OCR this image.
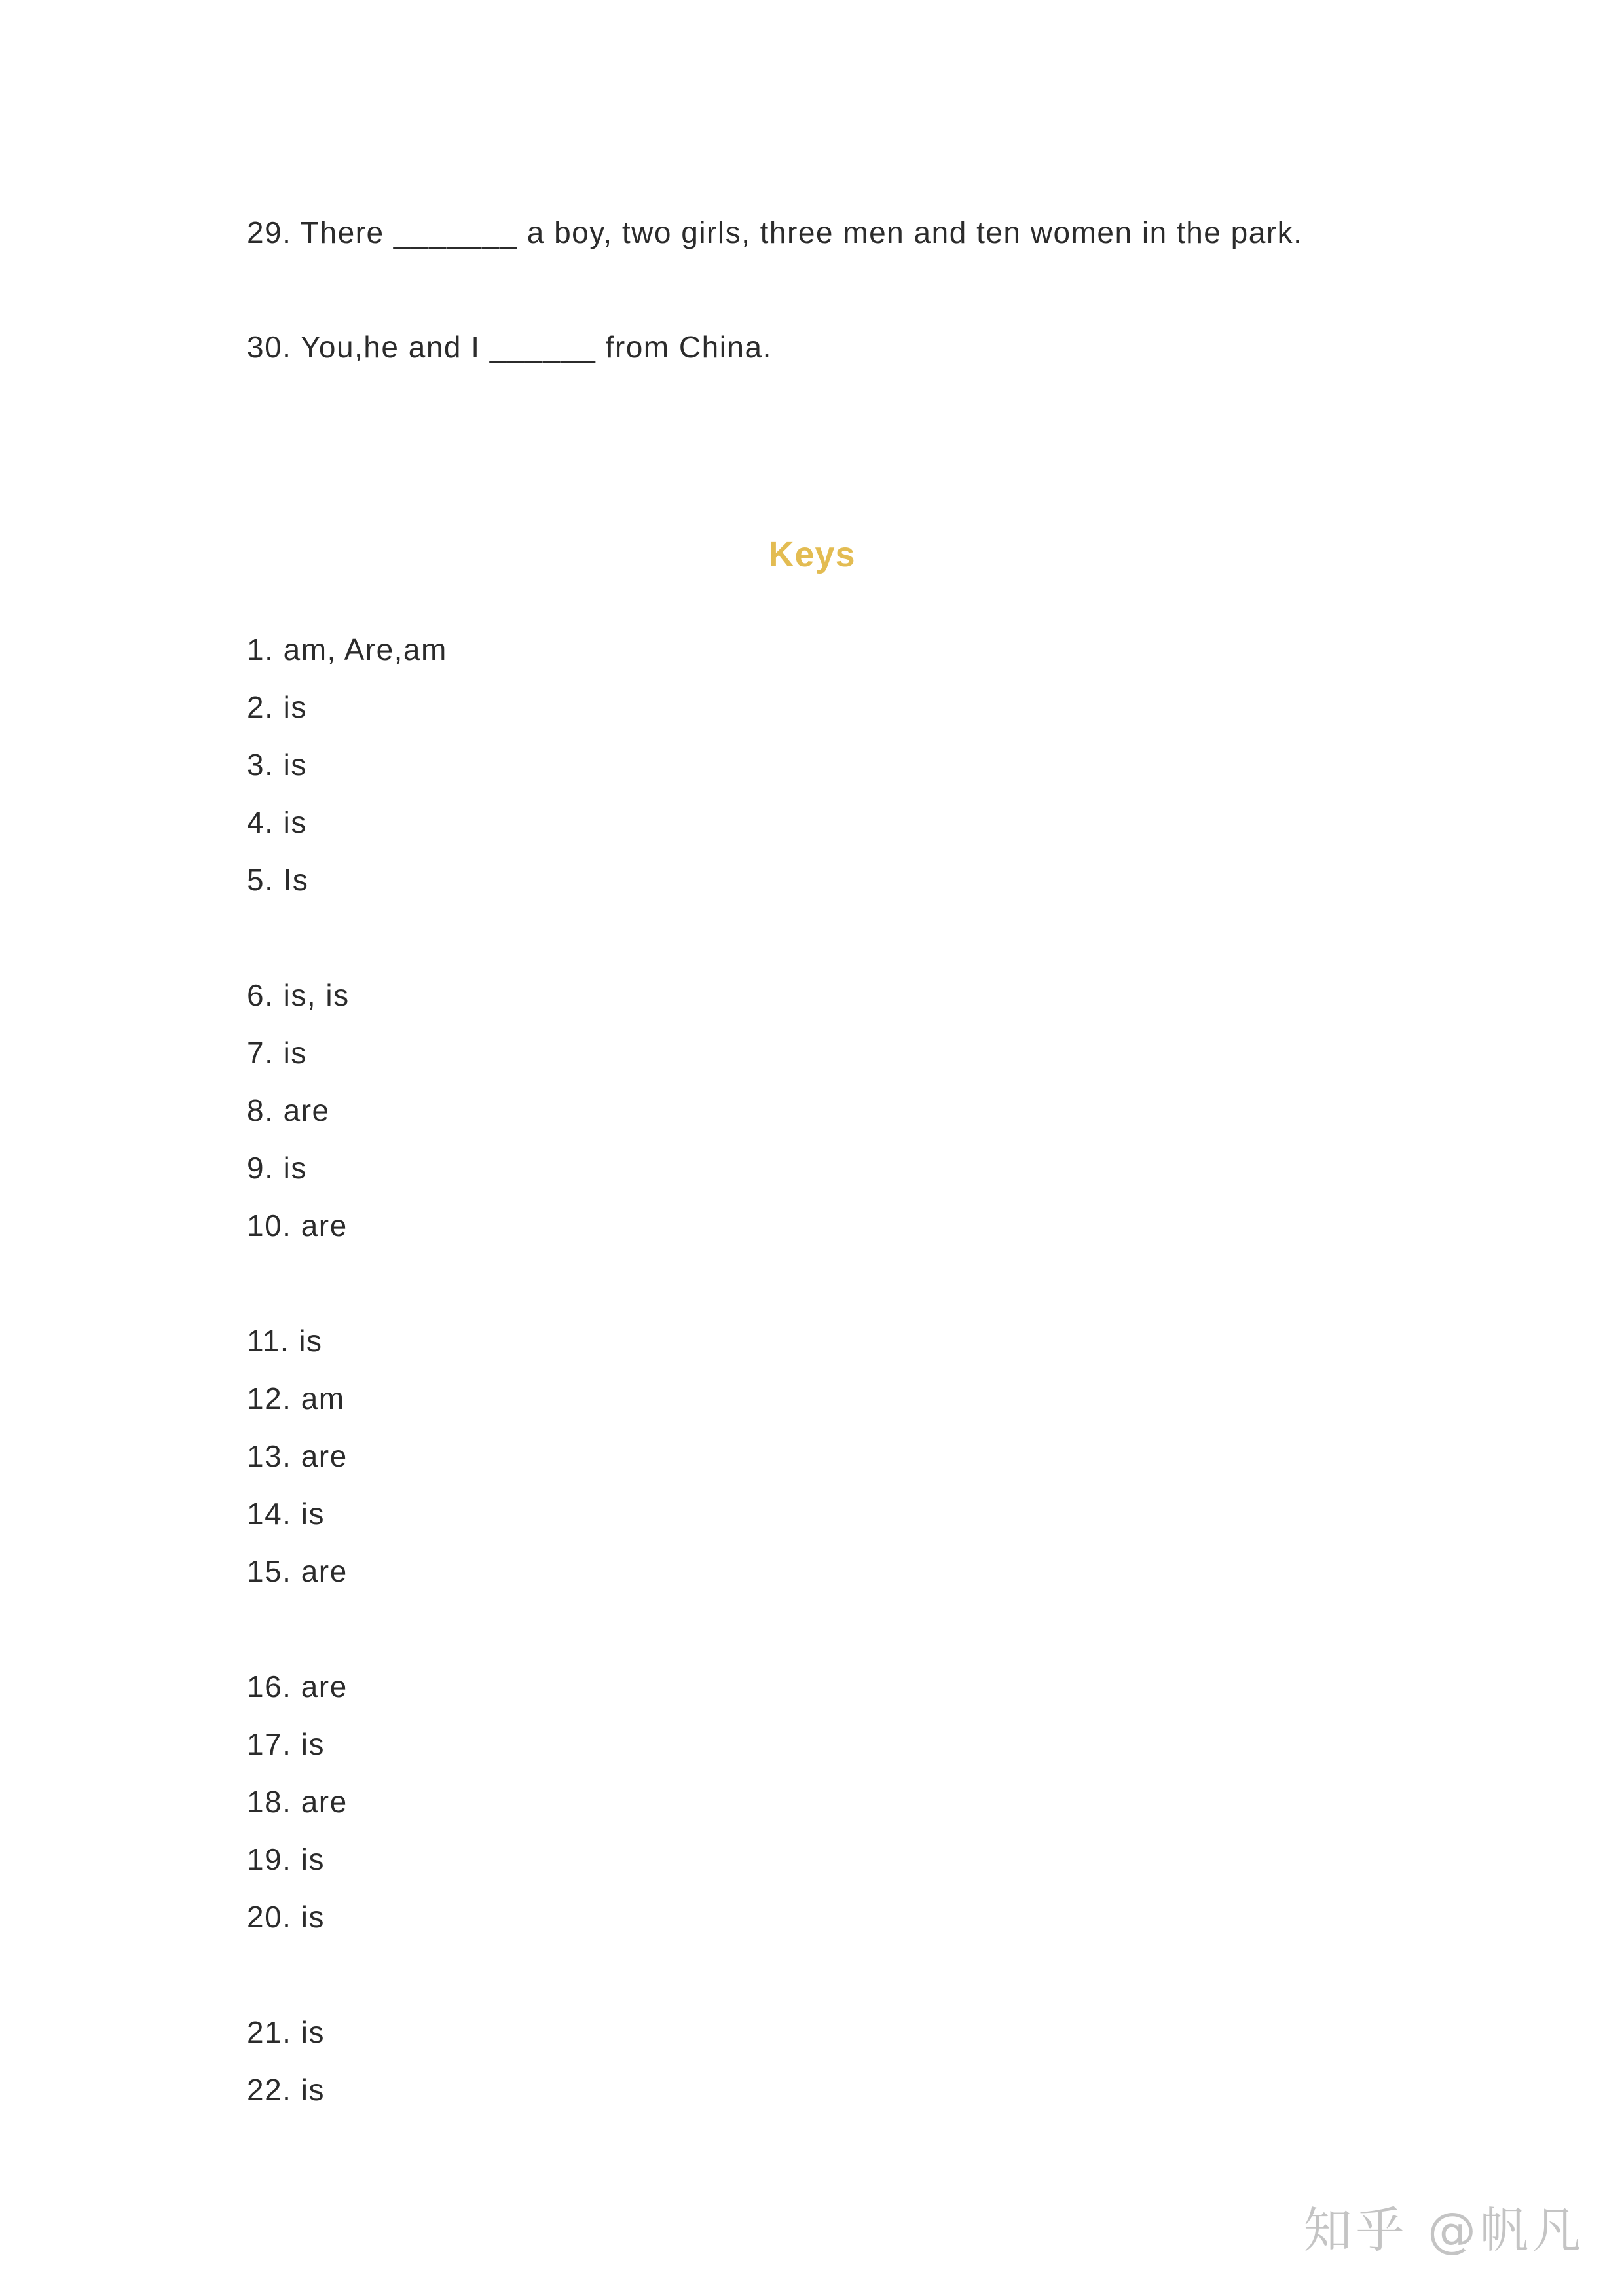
29. There _______ a boy, two girls, three men and ten women in the park.
30. You,he and I ______ from China.
Keys
1. am, Are,am
2. is
3. is
4. is
5. Is
6. is, is
7. is
8. are
9. is
10. are
11. is
12. am
13. are
14. is
15. are
16. are
17. is
18. are
19. is
20. is
21. is
22. is
知乎 @帆凡
